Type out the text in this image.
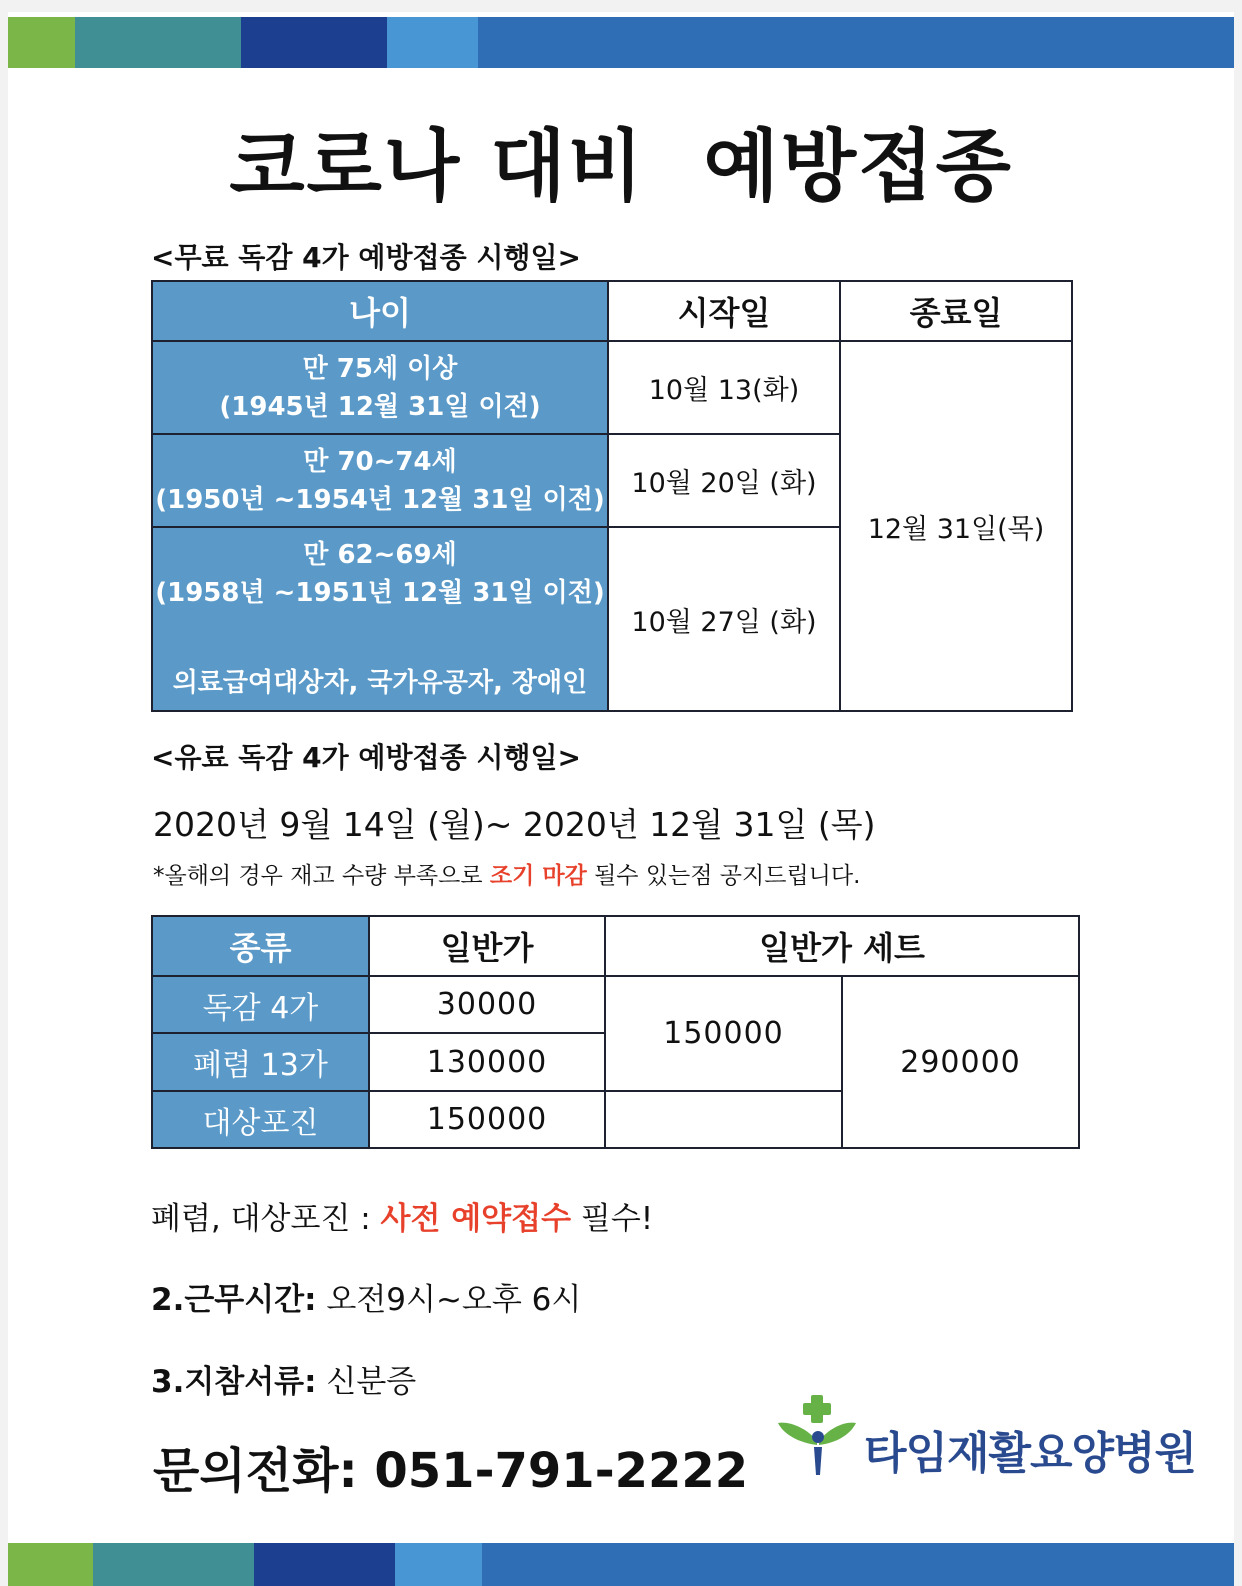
코로나 대비  예방접종
<무료 독감 4가 예방접종 시행일>
나이	시작일	종료일

만 75세 이상
(1945년 12월 31일 이전)	10월 13(화)	12월 31일(목)

만 70~74세
(1950년 ~1954년 12월 31일 이전)	10월 20일 (화)	

만 62~69세
(1958년 ~1951년 12월 31일 이전)
의료급여대상자, 국가유공자, 장애인	10월 27일 (화)	
<유료 독감 4가 예방접종 시행일>
2020년 9월 14일 (월)~ 2020년 12월 31일 (목)
*올해의 경우 재고 수량 부족으로 조기 마감 될수 있는점 공지드립니다.
종류	일반가	일반가 세트	
독감 4가	30000	150000	290000
폐렴 13가	130000		
대상포진	150000		
폐렴, 대상포진 : 사전 예약접수 필수!
2.근무시간: 오전9시~오후 6시
3.지참서류: 신분증
문의전화: 051-791-2222	타임재활요양병원
